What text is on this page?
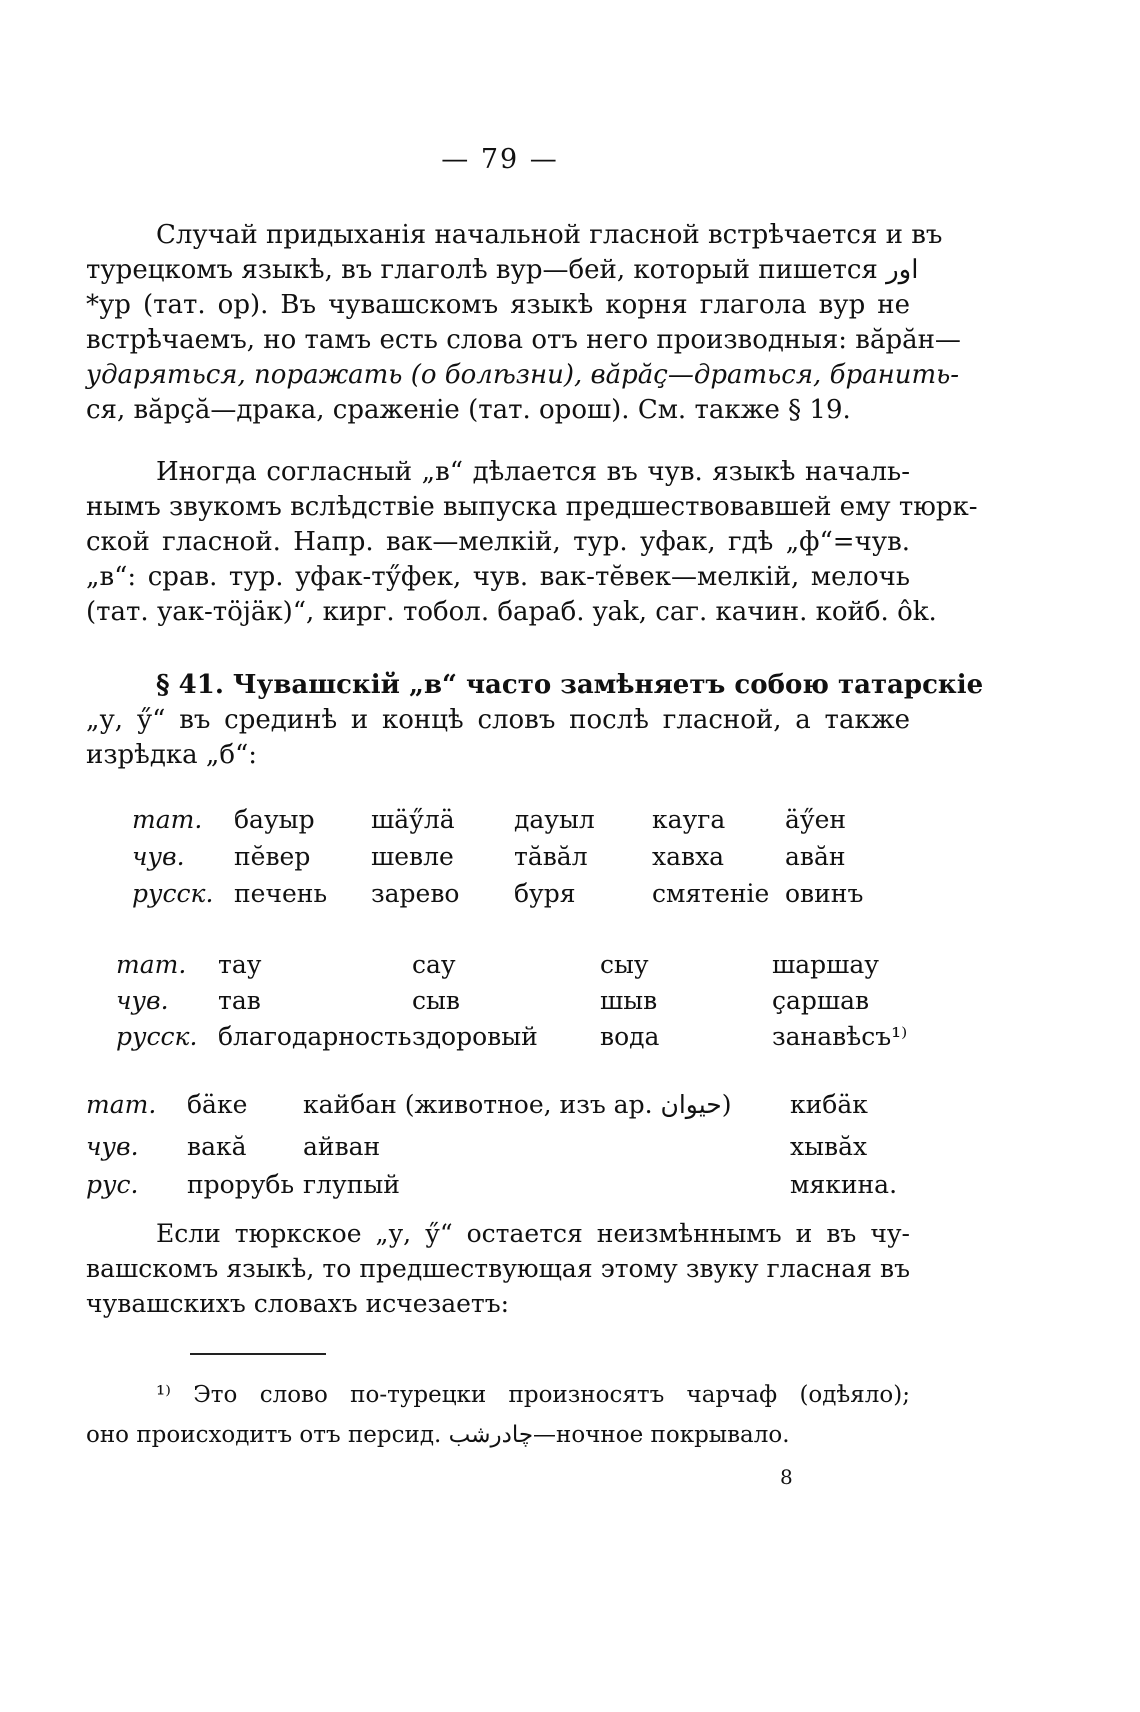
— 79 —
Случай придыханія начальной гласной встрѣчается и въ
турецкомъ языкѣ, въ глаголѣ вур—бей, который пишется اور
*ур (тат. ор). Въ чувашскомъ языкѣ корня глагола вур не
встрѣчаемъ, но тамъ есть слова отъ него производныя: вӑрӑн—
ударяться, поражать (о болѣзни), вӑрӑҫ—драться, бранить-
ся, вӑрҫӑ—драка, сраженіе (тат. орош). См. также § 19.
Иногда согласный „в“ дѣлается въ чув. языкѣ началь-
нымъ звукомъ вслѣдствіе выпуска предшествовавшей ему тюрк-
ской гласной. Напр. вак—мелкій, тур. уфак, гдѣ „ф“=чув.
„в“: срав. тур. уфак-тӳфек, чув. вак-тӗвек—мелкій, мелочь
(тат. уак-тӧјӓк)“, кирг. тобол. бараб. yak, саг. качин. койб. ôk.
§ 41. Чувашскій „в“ часто замѣняетъ собою татарскіе
„у, ӳ“ въ срединѣ и концѣ словъ послѣ гласной, а также
изрѣдка „б“:
тат. бауыр шӓӳлӓ дауыл кауга ӓӳен
чув. пӗвер шевле тӑвӑл	хавха авӑн
русск. печень зарево буря	смятеніе овинъ
тат. тау	сау	сыу	шаршау
чув. тав	сыв	шыв	ҫаршав
русск. благодарность здоровый вода	занавѣсъ¹⁾
тат. бӓке кайбан (животное, изъ ар. حيوان) кибӓк
чув. вакӑ айван	хывӑх
рус. прорубь глупый	мякина.
Если тюркское „у, ӳ“ остается неизмѣннымъ и въ чу-
вашскомъ языкѣ, то предшествующая этому звуку гласная въ
чувашскихъ словахъ исчезаетъ:
¹⁾ Это слово по-турецки произносятъ чарчаф (одѣяло);
оно происходитъ отъ персид. چادرشب—ночное покрывало.
8
